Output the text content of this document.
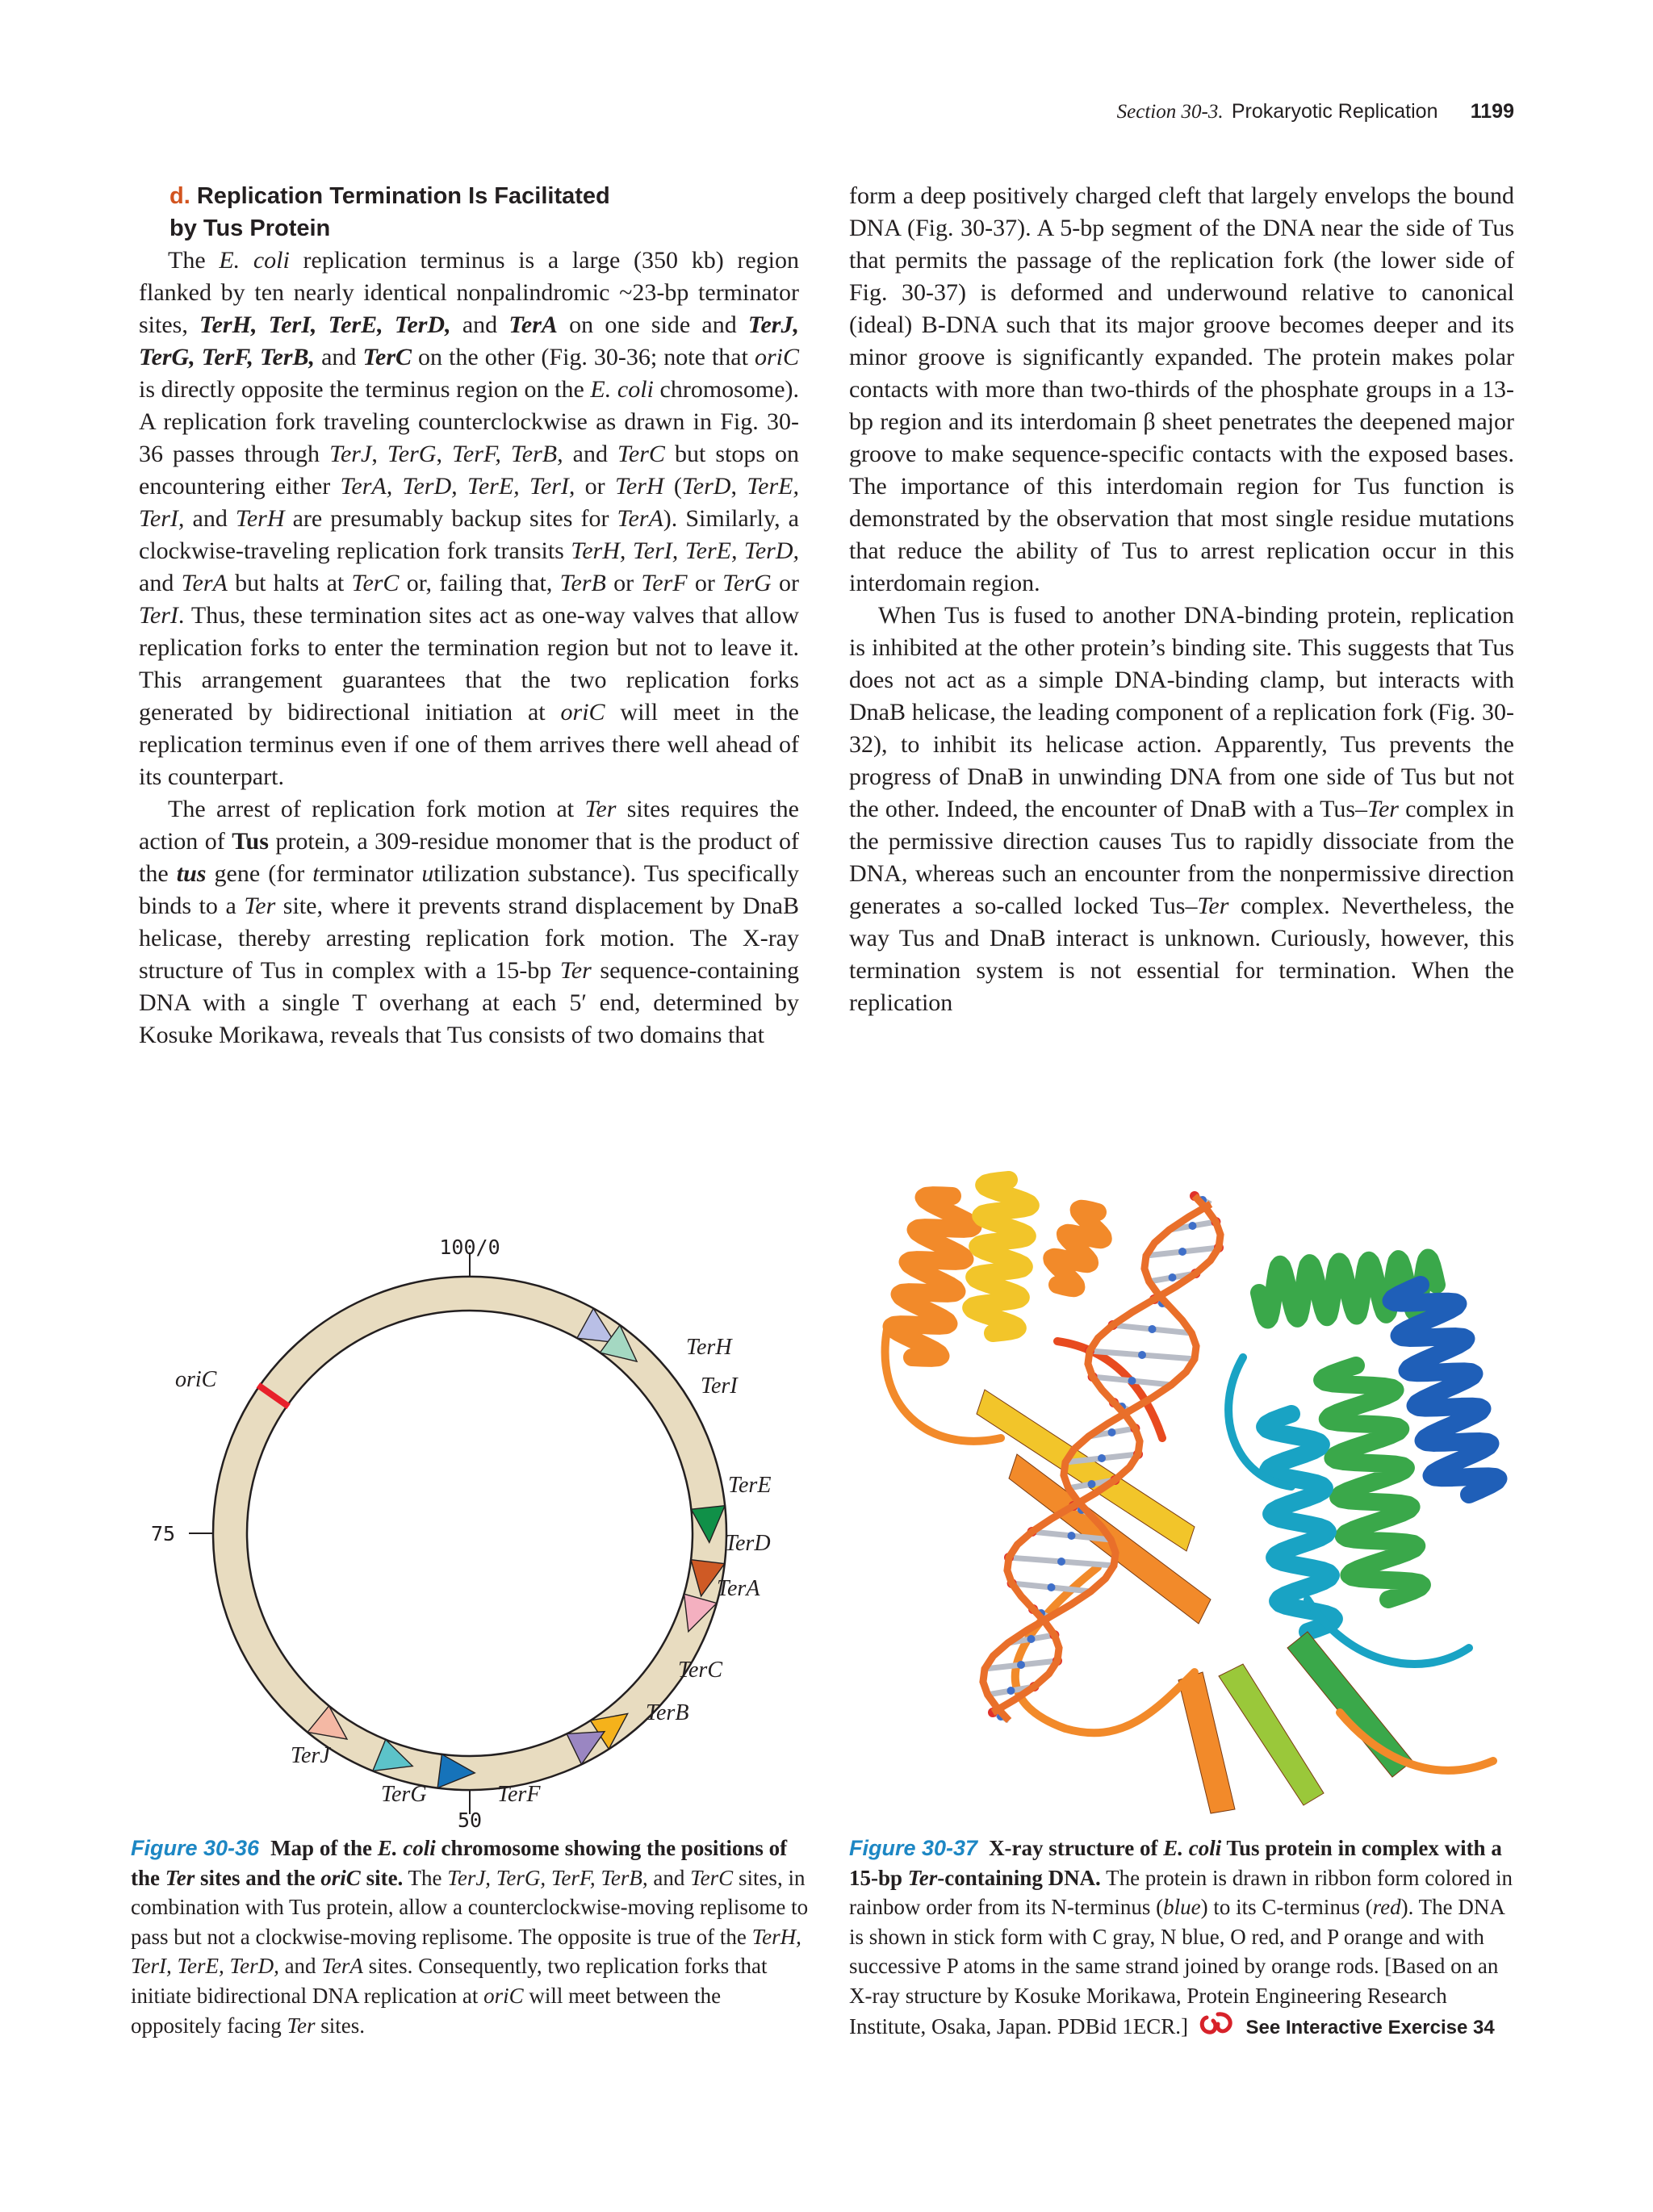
Section 30-3. Prokaryotic Replication 1199
d. Replication Termination Is Facilitated
by Tus Protein

The E. coli replication terminus is a large (350 kb) region flanked by ten nearly identical nonpalindromic ~23-bp terminator sites, TerH, TerI, TerE, TerD, and TerA on one side and TerJ, TerG, TerF, TerB, and TerC on the other (Fig. 30-36; note that oriC is directly opposite the terminus region on the E. coli chromosome). A replication fork traveling counterclockwise as drawn in Fig. 30-36 passes through TerJ, TerG, TerF, TerB, and TerC but stops on encountering either TerA, TerD, TerE, TerI, or TerH (TerD, TerE, TerI, and TerH are presumably backup sites for TerA). Similarly, a clockwise-traveling replication fork transits TerH, TerI, TerE, TerD, and TerA but halts at TerC or, failing that, TerB or TerF or TerG or TerI. Thus, these termination sites act as one-way valves that allow replication forks to enter the termination region but not to leave it. This arrangement guarantees that the two replication forks generated by bidirectional initiation at oriC will meet in the replication terminus even if one of them arrives there well ahead of its counterpart.

The arrest of replication fork motion at Ter sites requires the action of Tus protein, a 309-residue monomer that is the product of the tus gene (for terminator utilization substance). Tus specifically binds to a Ter site, where it prevents strand displacement by DnaB helicase, thereby arresting replication fork motion. The X-ray structure of Tus in complex with a 15-bp Ter sequence-containing DNA with a single T overhang at each 5′ end, determined by Kosuke Morikawa, reveals that Tus consists of two domains that

form a deep positively charged cleft that largely envelops the bound DNA (Fig. 30-37). A 5-bp segment of the DNA near the side of Tus that permits the passage of the replication fork (the lower side of Fig. 30-37) is deformed and underwound relative to canonical (ideal) B-DNA such that its major groove becomes deeper and its minor groove is significantly expanded. The protein makes polar contacts with more than two-thirds of the phosphate groups in a 13-bp region and its interdomain β sheet penetrates the deepened major groove to make sequence-specific contacts with the exposed bases. The importance of this interdomain region for Tus function is demonstrated by the observation that most single residue mutations that reduce the ability of Tus to arrest replication occur in this interdomain region.

When Tus is fused to another DNA-binding protein, replication is inhibited at the other protein’s binding site. This suggests that Tus does not act as a simple DNA-binding clamp, but interacts with DnaB helicase, the leading component of a replication fork (Fig. 30-32), to inhibit its helicase action. Apparently, Tus prevents the progress of DnaB in unwinding DNA from one side of Tus but not the other. Indeed, the encounter of DnaB with a Tus–Ter complex in the permissive direction causes Tus to rapidly dissociate from the DNA, whereas such an encounter from the nonpermissive direction generates a so-called locked Tus–Ter complex. Nevertheless, the way Tus and DnaB interact is unknown. Curiously, however, this termination system is not essential for termination. When the replication

TerH
TerI
TerE
TerD
TerA
TerC
TerB
TerJ
TerG	TerF
oriC
100/0
75
50
Figure 30-36 Map of the E. coli chromosome showing the positions of the Ter sites and the oriC site. The TerJ, TerG, TerF, TerB, and TerC sites, in combination with Tus protein, allow a counterclockwise-moving replisome to pass but not a clockwise-moving replisome. The opposite is true of the TerH, TerI, TerE, TerD, and TerA sites. Consequently, two replication forks that initiate bidirectional DNA replication at oriC will meet between the oppositely facing Ter sites.
Figure 30-37 X-ray structure of E. coli Tus protein in complex with a 15-bp Ter-containing DNA. The protein is drawn in ribbon form colored in rainbow order from its N-terminus (blue) to its C-terminus (red). The DNA is shown in stick form with C gray, N blue, O red, and P orange and with successive P atoms in the same strand joined by orange rods. [Based on an X-ray structure by Kosuke Morikawa, Protein Engineering Research Institute, Osaka, Japan. PDBid 1ECR.]	See Interactive Exercise 34
